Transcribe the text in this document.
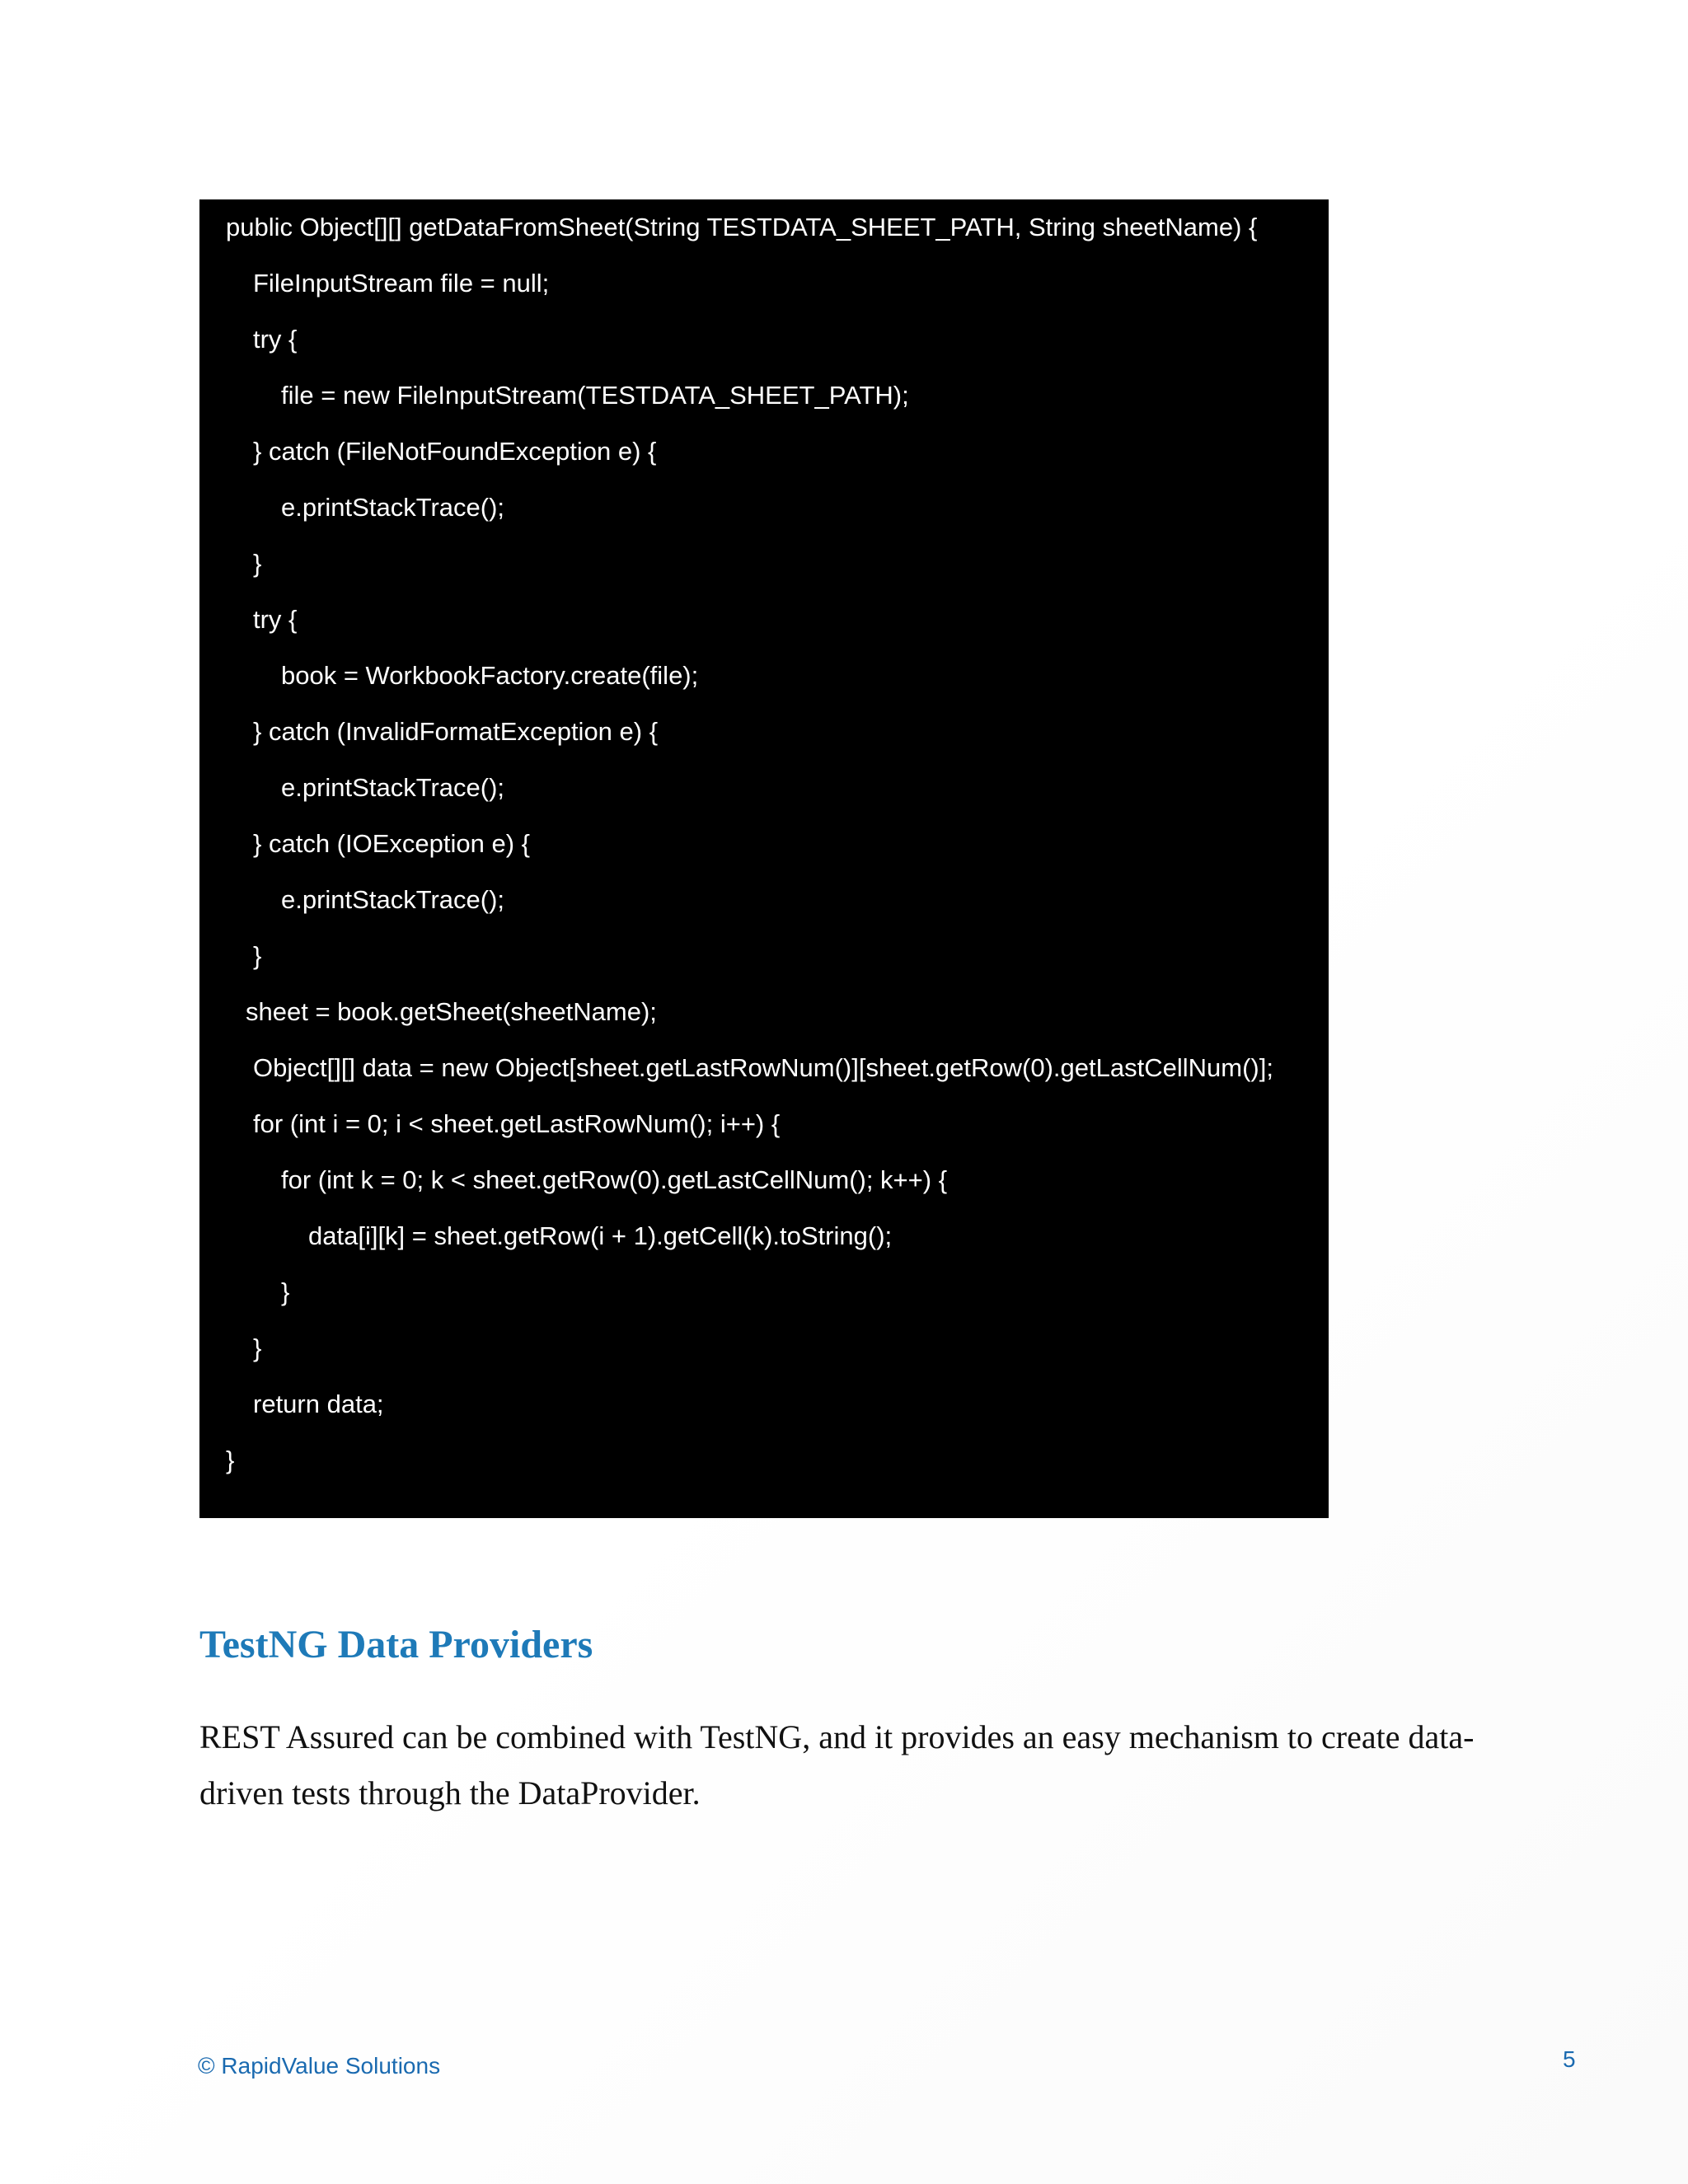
public Object[][] getDataFromSheet(String TESTDATA_SHEET_PATH, String sheetName) {
FileInputStream file = null;
try {
file = new FileInputStream(TESTDATA_SHEET_PATH);
} catch (FileNotFoundException e) {
e.printStackTrace();
}
try {
book = WorkbookFactory.create(file);
} catch (InvalidFormatException e) {
e.printStackTrace();
} catch (IOException e) {
e.printStackTrace();
}
sheet = book.getSheet(sheetName);
Object[][] data = new Object[sheet.getLastRowNum()][sheet.getRow(0).getLastCellNum()];
for (int i = 0; i < sheet.getLastRowNum(); i++) {
for (int k = 0; k < sheet.getRow(0).getLastCellNum(); k++) {
data[i][k] = sheet.getRow(i + 1).getCell(k).toString();
}
}
return data;
}
TestNG Data Providers

REST Assured can be combined with TestNG, and it provides an easy mechanism to create data-driven tests through the DataProvider.

© RapidValue Solutions	5
